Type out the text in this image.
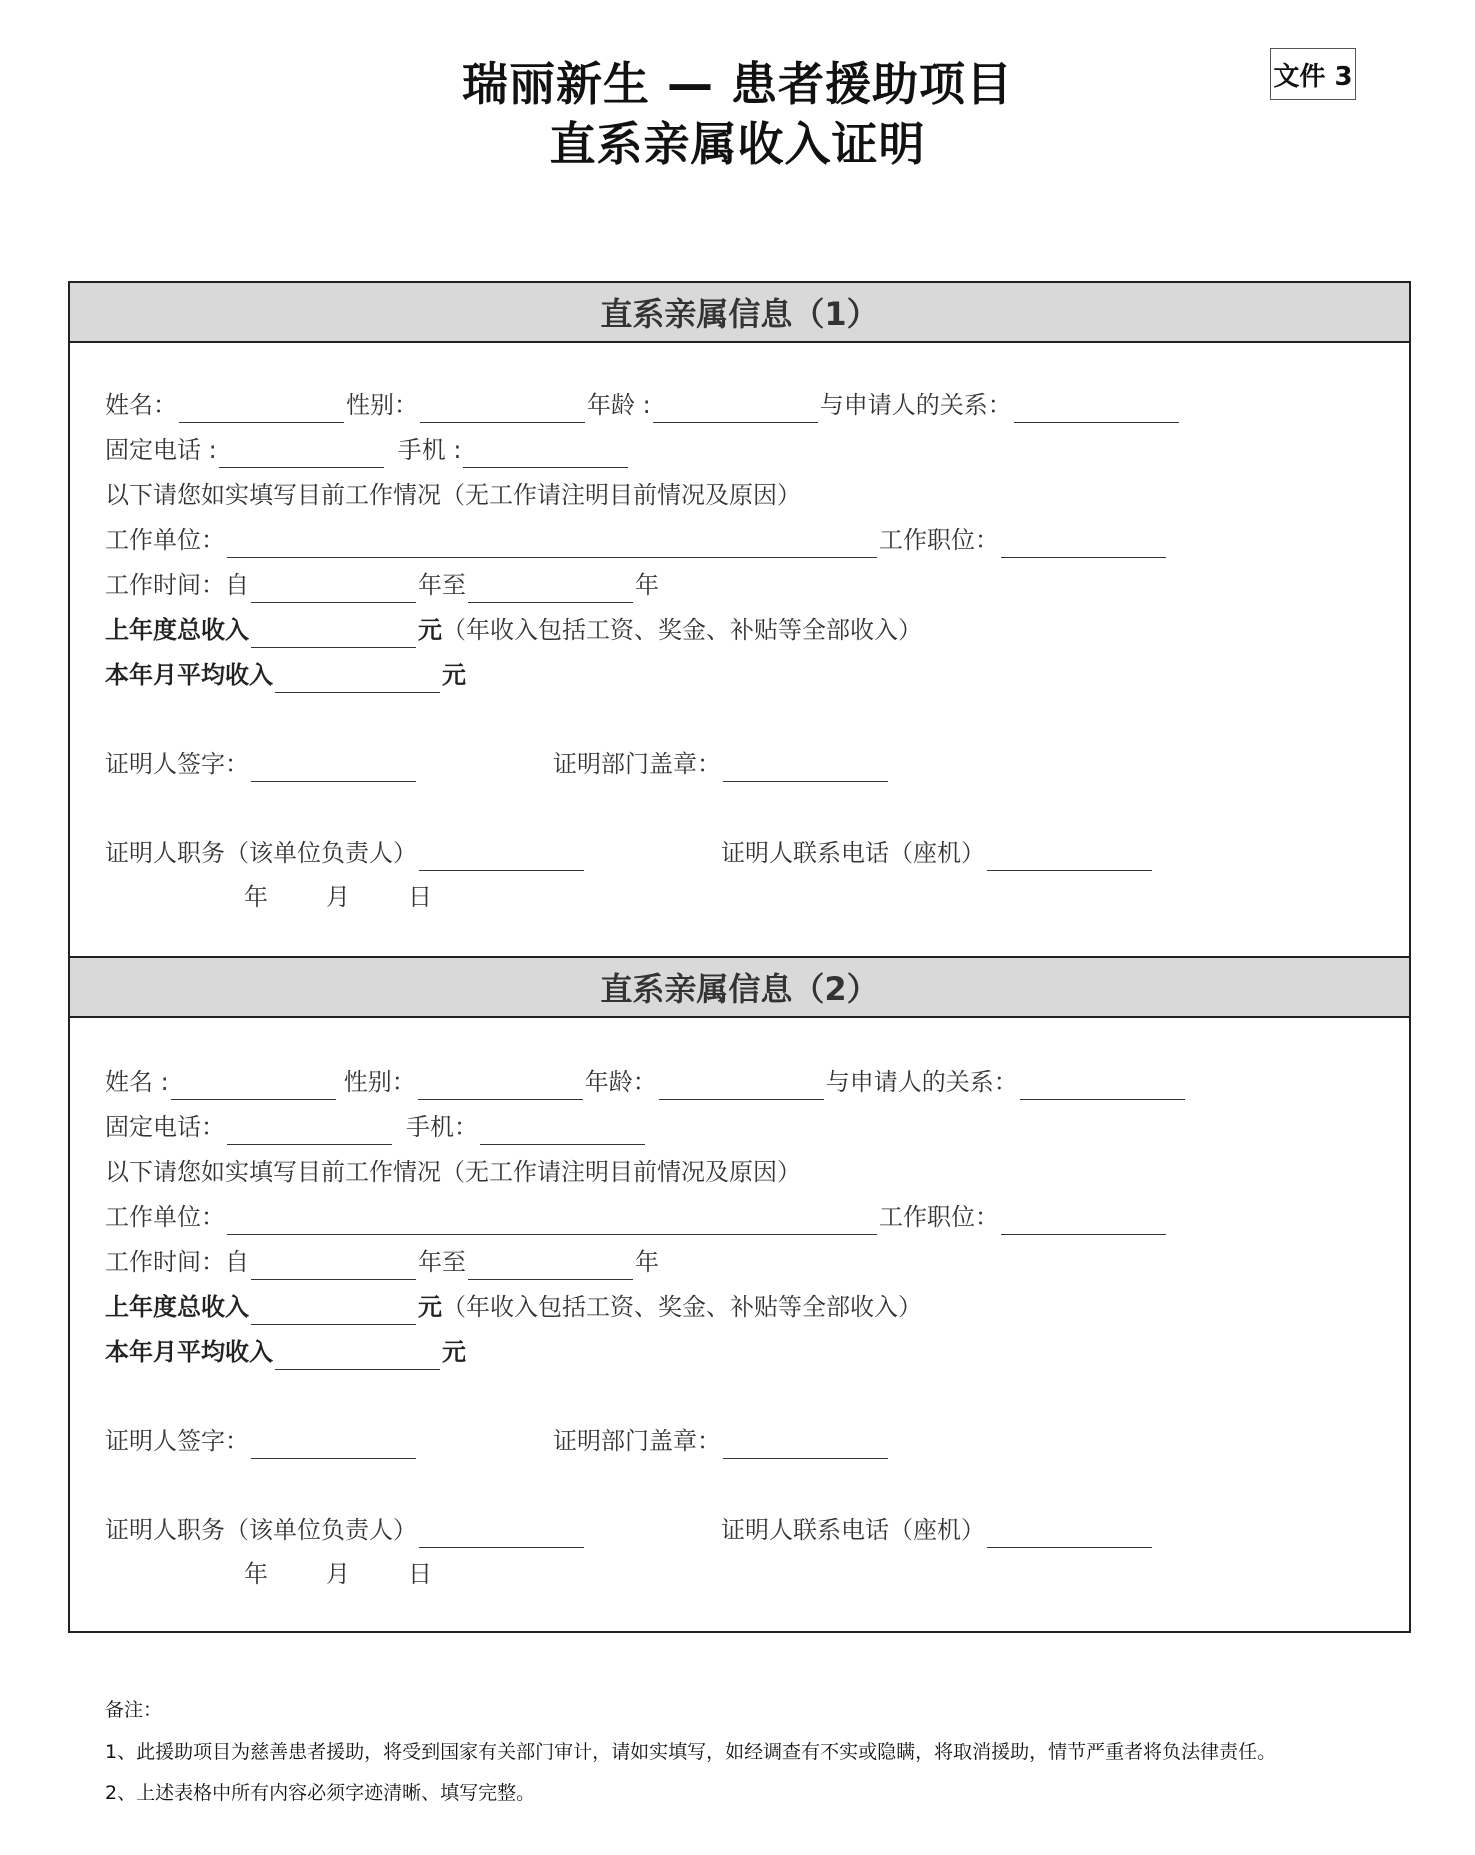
瑞丽新生 — 患者援助项目
直系亲属收入证明
文件 3
直系亲属信息（1）
姓名：	性别：	年龄 :	与申请人的关系：
固定电话 :	手机 :
以下请您如实填写目前工作情况（无工作请注明目前情况及原因）
工作单位：	工作职位：
工作时间：自	年至	年
上年度总收入	元（年收入包括工资、奖金、补贴等全部收入）
本年月平均收入	元
证明人签字：	证明部门盖章：
证明人职务（该单位负责人）	证明人联系电话（座机）
年 月 日
直系亲属信息（2）
姓名 :	性别：	年龄：	与申请人的关系：
固定电话：	手机：
以下请您如实填写目前工作情况（无工作请注明目前情况及原因）
工作单位：	工作职位：
工作时间：自	年至	年
上年度总收入	元（年收入包括工资、奖金、补贴等全部收入）
本年月平均收入	元
证明人签字：	证明部门盖章：
证明人职务（该单位负责人）	证明人联系电话（座机）
年 月 日
备注：
1、此援助项目为慈善患者援助，将受到国家有关部门审计，请如实填写，如经调查有不实或隐瞒，将取消援助，情节严重者将负法律责任。
2、上述表格中所有内容必须字迹清晰、填写完整。
